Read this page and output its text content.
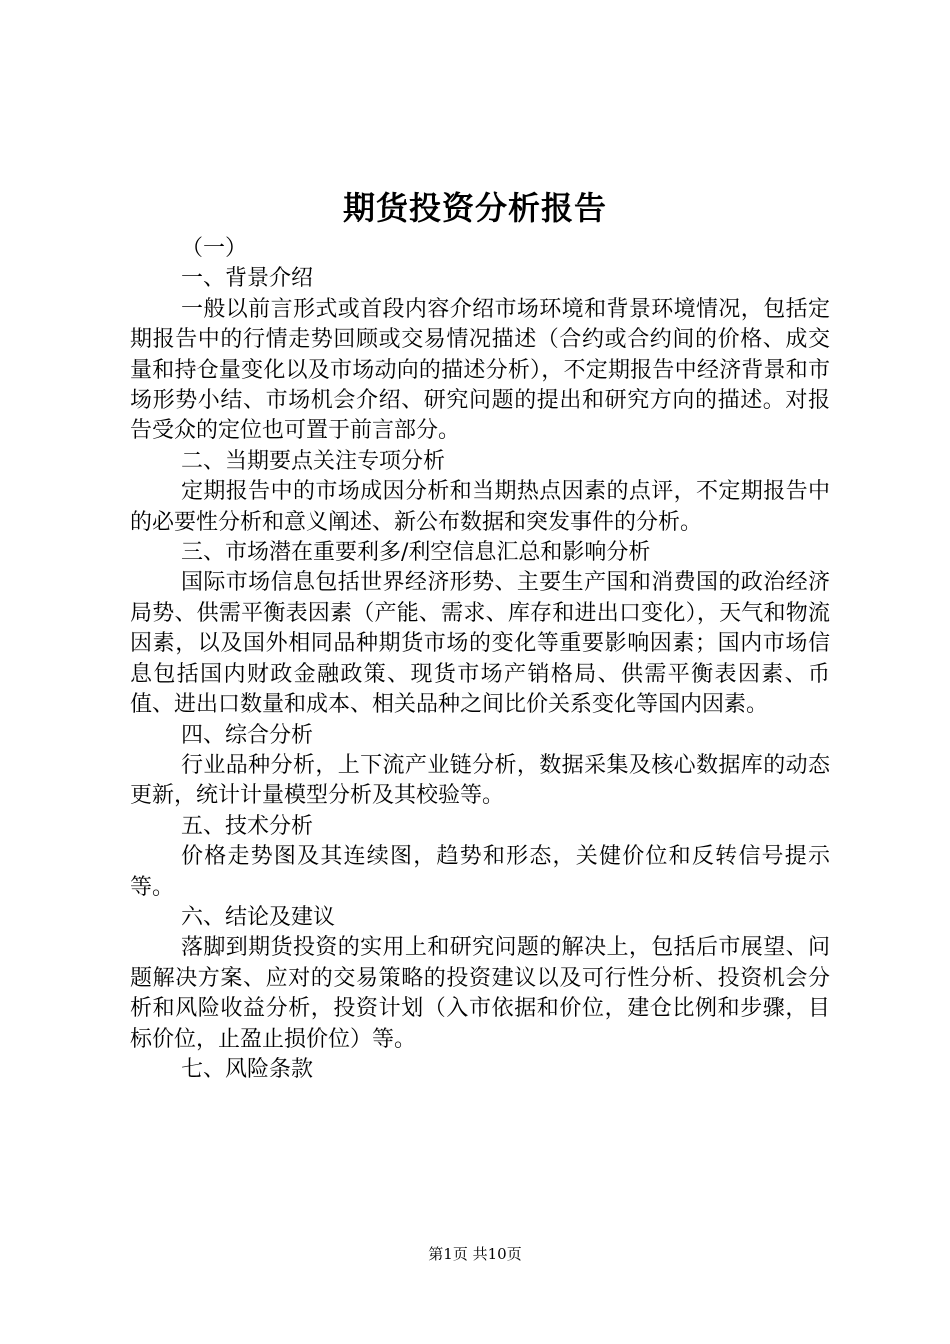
期货投资分析报告

（一）

一、背景介绍

一般以前言形式或首段内容介绍市场环境和背景环境情况，包括定期报告中的行情走势回顾或交易情况描述（合约或合约间的价格、成交量和持仓量变化以及市场动向的描述分析），不定期报告中经济背景和市场形势小结、市场机会介绍、研究问题的提出和研究方向的描述。对报告受众的定位也可置于前言部分。

二、当期要点关注专项分析

定期报告中的市场成因分析和当期热点因素的点评，不定期报告中的必要性分析和意义阐述、新公布数据和突发事件的分析。

三、市场潜在重要利多/利空信息汇总和影响分析

国际市场信息包括世界经济形势、主要生产国和消费国的政治经济局势、供需平衡表因素（产能、需求、库存和进出口变化），天气和物流因素，以及国外相同品种期货市场的变化等重要影响因素；国内市场信息包括国内财政金融政策、现货市场产销格局、供需平衡表因素、币值、进出口数量和成本、相关品种之间比价关系变化等国内因素。

四、综合分析

行业品种分析，上下流产业链分析，数据采集及核心数据库的动态更新，统计计量模型分析及其校验等。

五、技术分析

价格走势图及其连续图，趋势和形态，关健价位和反转信号提示等。

六、结论及建议

落脚到期货投资的实用上和研究问题的解决上，包括后市展望、问题解决方案、应对的交易策略的投资建议以及可行性分析、投资机会分析和风险收益分析，投资计划（入市依据和价位，建仓比例和步骤，目标价位，止盈止损价位）等。

七、风险条款

第1页 共10页
